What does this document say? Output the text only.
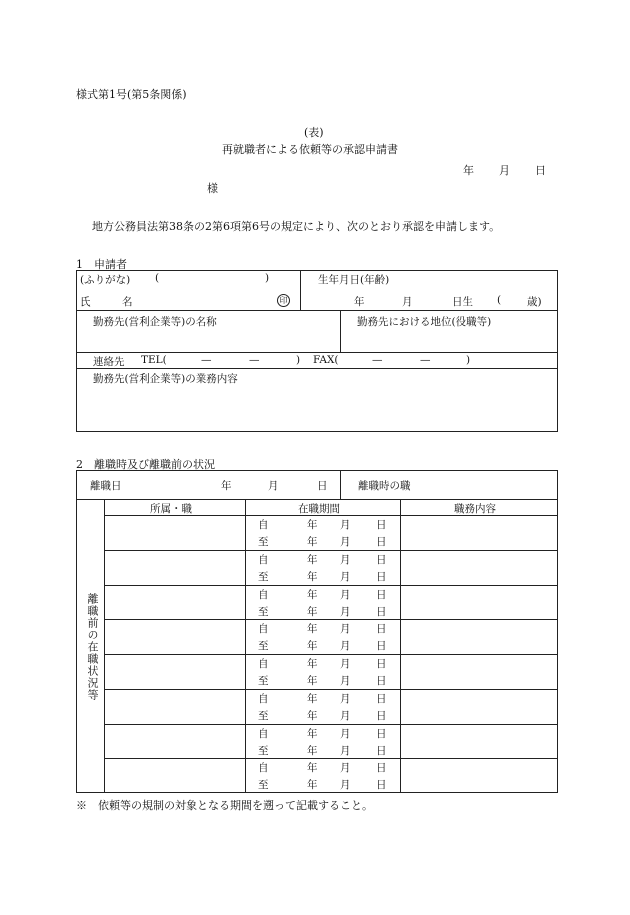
様式第1号(第5条関係)
(表)
再就職者による依頼等の承認申請書
年 月 日
様
地方公務員法第38条の2第6項第6号の規定により、次のとおり承認を申請します。
1　申請者
(ふりがな) (	)	生年月日(年齢)
氏　　　名	印	年	月	日生 ( 歳)
勤務先(営利企業等)の名称	勤務先における地位(役職等)
連絡先 TEL(	—	—	) FAX(	—	—	)
勤務先(営利企業等)の業務内容
2　離職時及び離職前の状況
離職日	年	月	日	離職時の職
離職前の在職状況等
所属・職	在職期間	職務内容
自	年 月 日
至	年 月 日
自	年 月 日
至	年 月 日
自	年 月 日
至	年 月 日
自	年 月 日
至	年 月 日
自	年 月 日
至	年 月 日
自	年 月 日
至	年 月 日
自	年 月 日
至	年 月 日
自	年 月 日
至	年 月 日
※　依頼等の規制の対象となる期間を遡って記載すること。
